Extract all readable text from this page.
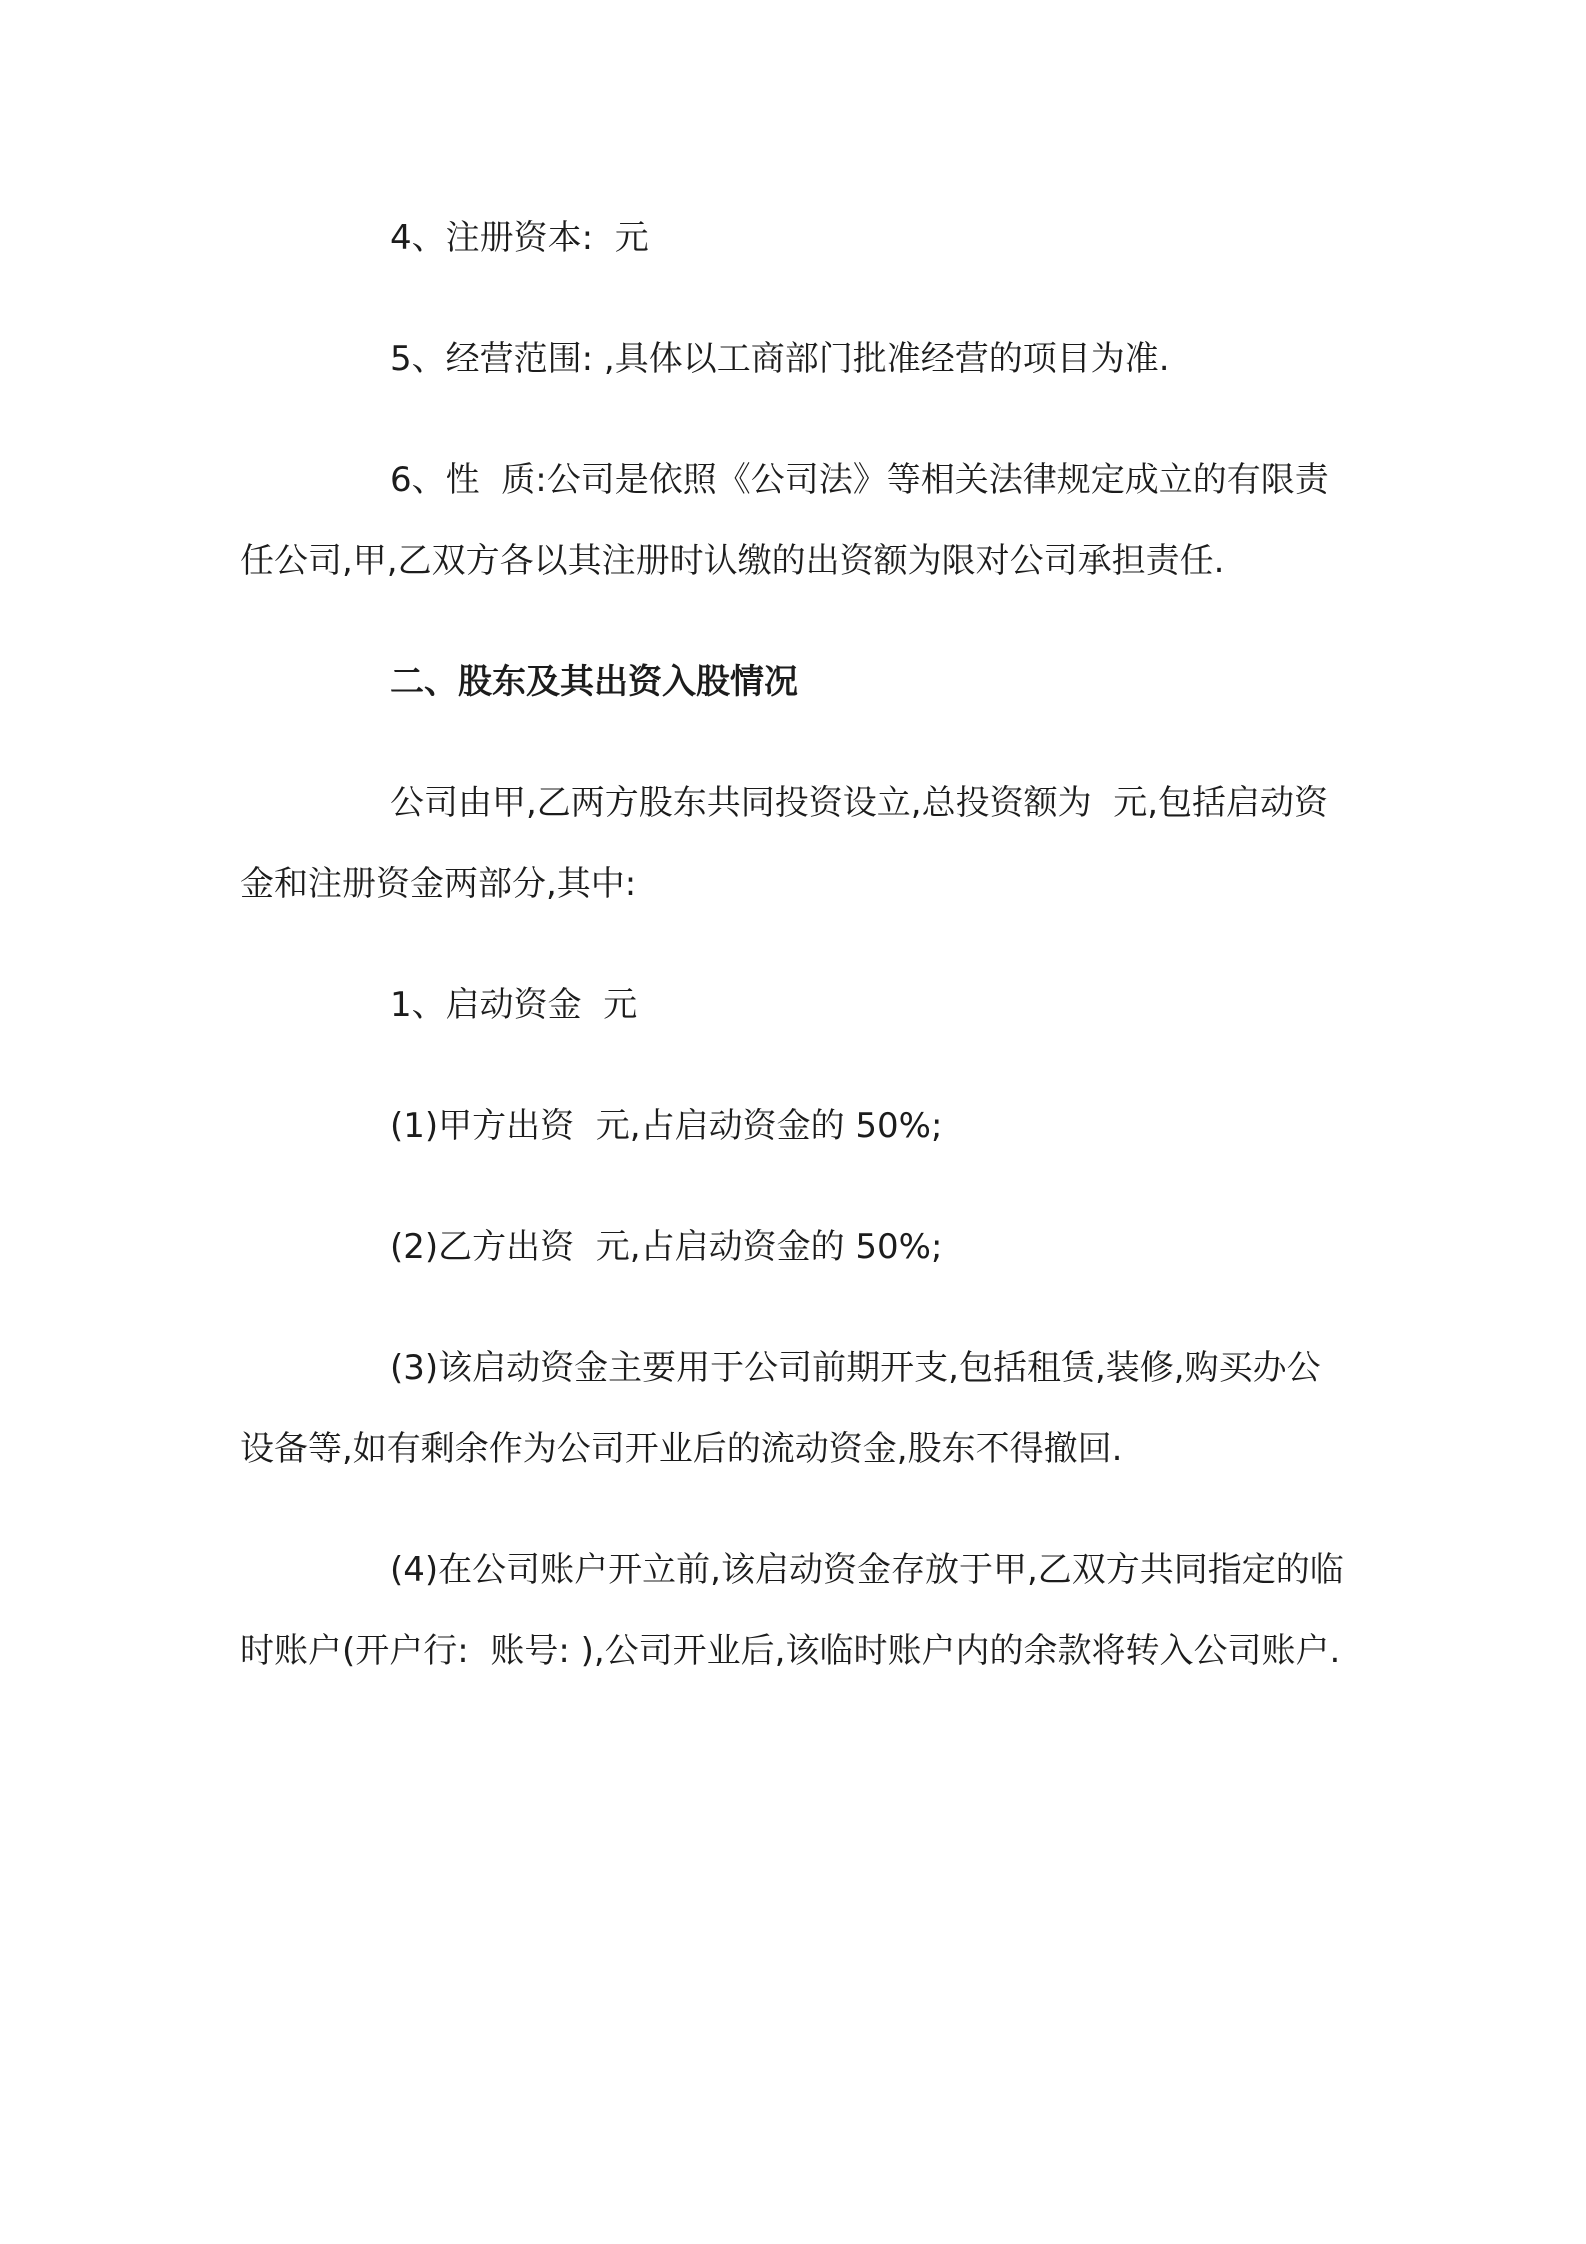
4、注册资本:  元

5、经营范围: ,具体以工商部门批准经营的项目为准.

6、性  质:公司是依照《公司法》等相关法律规定成立的有限责任公司,甲,乙双方各以其注册时认缴的出资额为限对公司承担责任.

二、股东及其出资入股情况

公司由甲,乙两方股东共同投资设立,总投资额为  元,包括启动资金和注册资金两部分,其中:

1、启动资金  元

(1)甲方出资  元,占启动资金的 50%;

(2)乙方出资  元,占启动资金的 50%;

(3)该启动资金主要用于公司前期开支,包括租赁,装修,购买办公设备等,如有剩余作为公司开业后的流动资金,股东不得撤回.

(4)在公司账户开立前,该启动资金存放于甲,乙双方共同指定的临时账户(开户行:  账号: ),公司开业后,该临时账户内的余款将转入公司账户.
